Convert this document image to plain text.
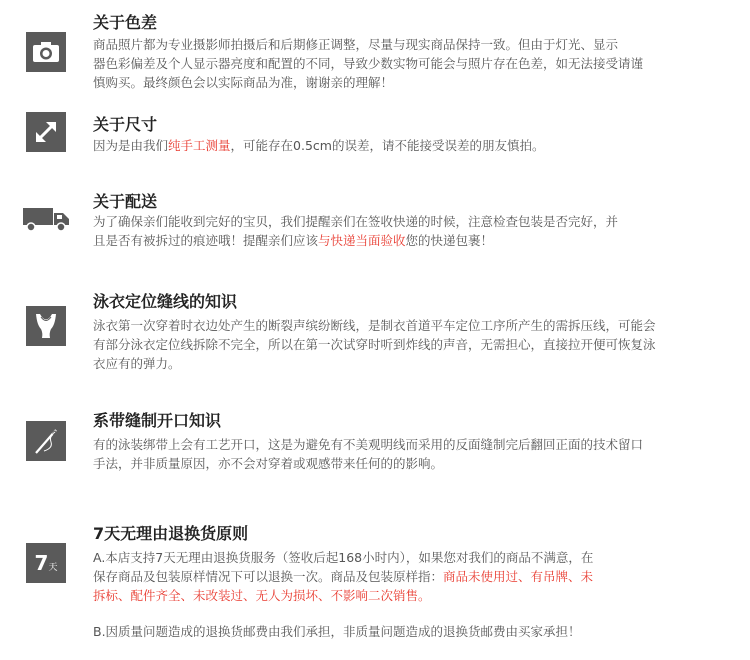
关于色差
商品照片都为专业摄影师拍摄后和后期修正调整，尽量与现实商品保持一致。但由于灯光、显示
器色彩偏差及个人显示器亮度和配置的不同，导致少数实物可能会与照片存在色差，如无法接受请谨
慎购买。最终颜色会以实际商品为准，谢谢亲的理解！
关于尺寸
因为是由我们纯手工测量，可能存在0.5cm的误差，请不能接受误差的朋友慎拍。
关于配送
为了确保亲们能收到完好的宝贝，我们提醒亲们在签收快递的时候，注意检查包装是否完好，并
且是否有被拆过的痕迹哦！提醒亲们应该与快递当面验收您的快递包裹！
泳衣定位缝线的知识
泳衣第一次穿着时衣边处产生的断裂声缤纷断线，是制衣首道平车定位工序所产生的需拆压线，可能会
有部分泳衣定位线拆除不完全，所以在第一次试穿时听到炸线的声音，无需担心，直接拉开便可恢复泳
衣应有的弹力。
系带缝制开口知识
有的泳装绑带上会有工艺开口，这是为避免有不美观明线而采用的反面缝制完后翻回正面的技术留口
手法，并非质量原因，亦不会对穿着或观感带来任何的的影响。
7 天
7天无理由退换货原则
A.本店支持7天无理由退换货服务（签收后起168小时内），如果您对我们的商品不满意，在
保存商品及包装原样情况下可以退换一次。商品及包装原样指：商品未使用过、有吊牌、未
拆标、配件齐全、未改装过、无人为损坏、不影响二次销售。
B.因质量问题造成的退换货邮费由我们承担，非质量问题造成的退换货邮费由买家承担！
